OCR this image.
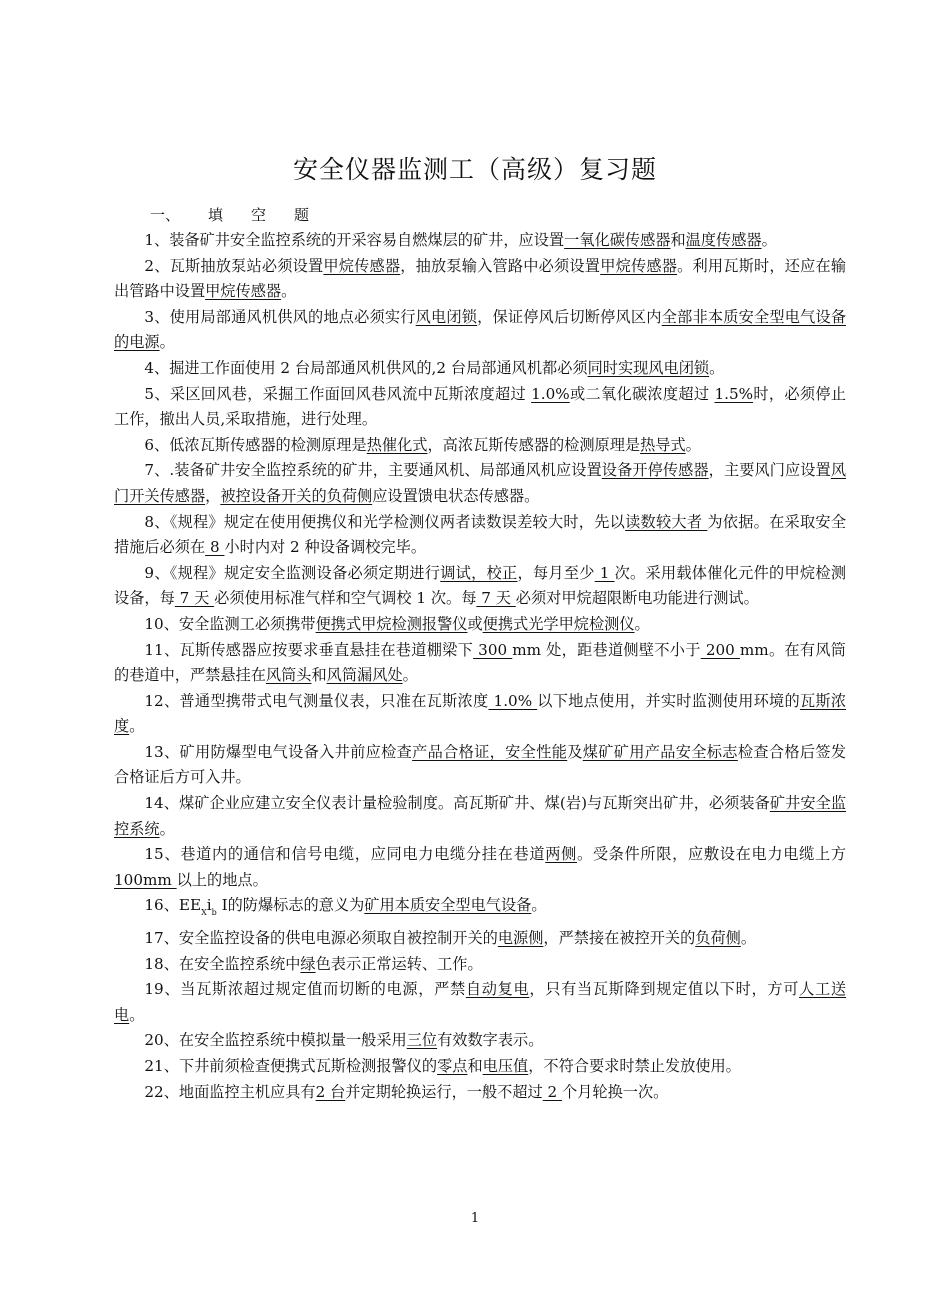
安全仪器监测工（高级）复习题
一、 填 空 题

1、装备矿井安全监控系统的开采容易自燃煤层的矿井，应设置一氧化碳传感器和温度传感器。

2、瓦斯抽放泵站必须设置甲烷传感器，抽放泵输入管路中必须设置甲烷传感器。利用瓦斯时，还应在输出管路中设置甲烷传感器。

3、使用局部通风机供风的地点必须实行风电闭锁，保证停风后切断停风区内全部非本质安全型电气设备的电源。

4、掘进工作面使用 2 台局部通风机供风的,2 台局部通风机都必须同时实现风电闭锁。

5、采区回风巷，采掘工作面回风巷风流中瓦斯浓度超过 1.0%或二氧化碳浓度超过 1.5%时，必须停止工作，撤出人员,采取措施，进行处理。

6、低浓瓦斯传感器的检测原理是热催化式，高浓瓦斯传感器的检测原理是热导式。

7、.装备矿井安全监控系统的矿井，主要通风机、局部通风机应设置设备开停传感器，主要风门应设置风门开关传感器，被控设备开关的负荷侧应设置馈电状态传感器。

8、《规程》规定在使用便携仪和光学检测仪两者读数误差较大时，先以读数较大者 为依据。在采取安全措施后必须在 8 小时内对 2 种设备调校完毕。

9、《规程》规定安全监测设备必须定期进行调试，校正，每月至少 1 次。采用载体催化元件的甲烷检测设备，每 7 天 必须使用标准气样和空气调校 1 次。每 7 天 必须对甲烷超限断电功能进行测试。

10、安全监测工必须携带便携式甲烷检测报警仪或便携式光学甲烷检测仪。

11、瓦斯传感器应按要求垂直悬挂在巷道棚梁下 300 mm 处，距巷道侧壁不小于 200 mm。在有风筒的巷道中，严禁悬挂在风筒头和风筒漏风处。

12、普通型携带式电气测量仪表，只准在瓦斯浓度 1.0% 以下地点使用，并实时监测使用环境的瓦斯浓度。

13、矿用防爆型电气设备入井前应检查产品合格证，安全性能及煤矿矿用产品安全标志检查合格后签发合格证后方可入井。

14、煤矿企业应建立安全仪表计量检验制度。高瓦斯矿井、煤(岩)与瓦斯突出矿井，必须装备矿井安全监控系统。

15、巷道内的通信和信号电缆，应同电力电缆分挂在巷道两侧。受条件所限，应敷设在电力电缆上方100mm 以上的地点。

16、$EE_Xi_b$ Ⅰ的防爆标志的意义为矿用本质安全型电气设备。

17、安全监控设备的供电电源必须取自被控制开关的电源侧，严禁接在被控开关的负荷侧。

18、在安全监控系统中绿色表示正常运转、工作。

19、当瓦斯浓超过规定值而切断的电源，严禁自动复电，只有当瓦斯降到规定值以下时，方可人工送电。

20、在安全监控系统中模拟量一般采用三位有效数字表示。

21、下井前须检查便携式瓦斯检测报警仪的零点和电压值，不符合要求时禁止发放使用。

22、地面监控主机应具有2 台并定期轮换运行，一般不超过 2 个月轮换一次。

1
